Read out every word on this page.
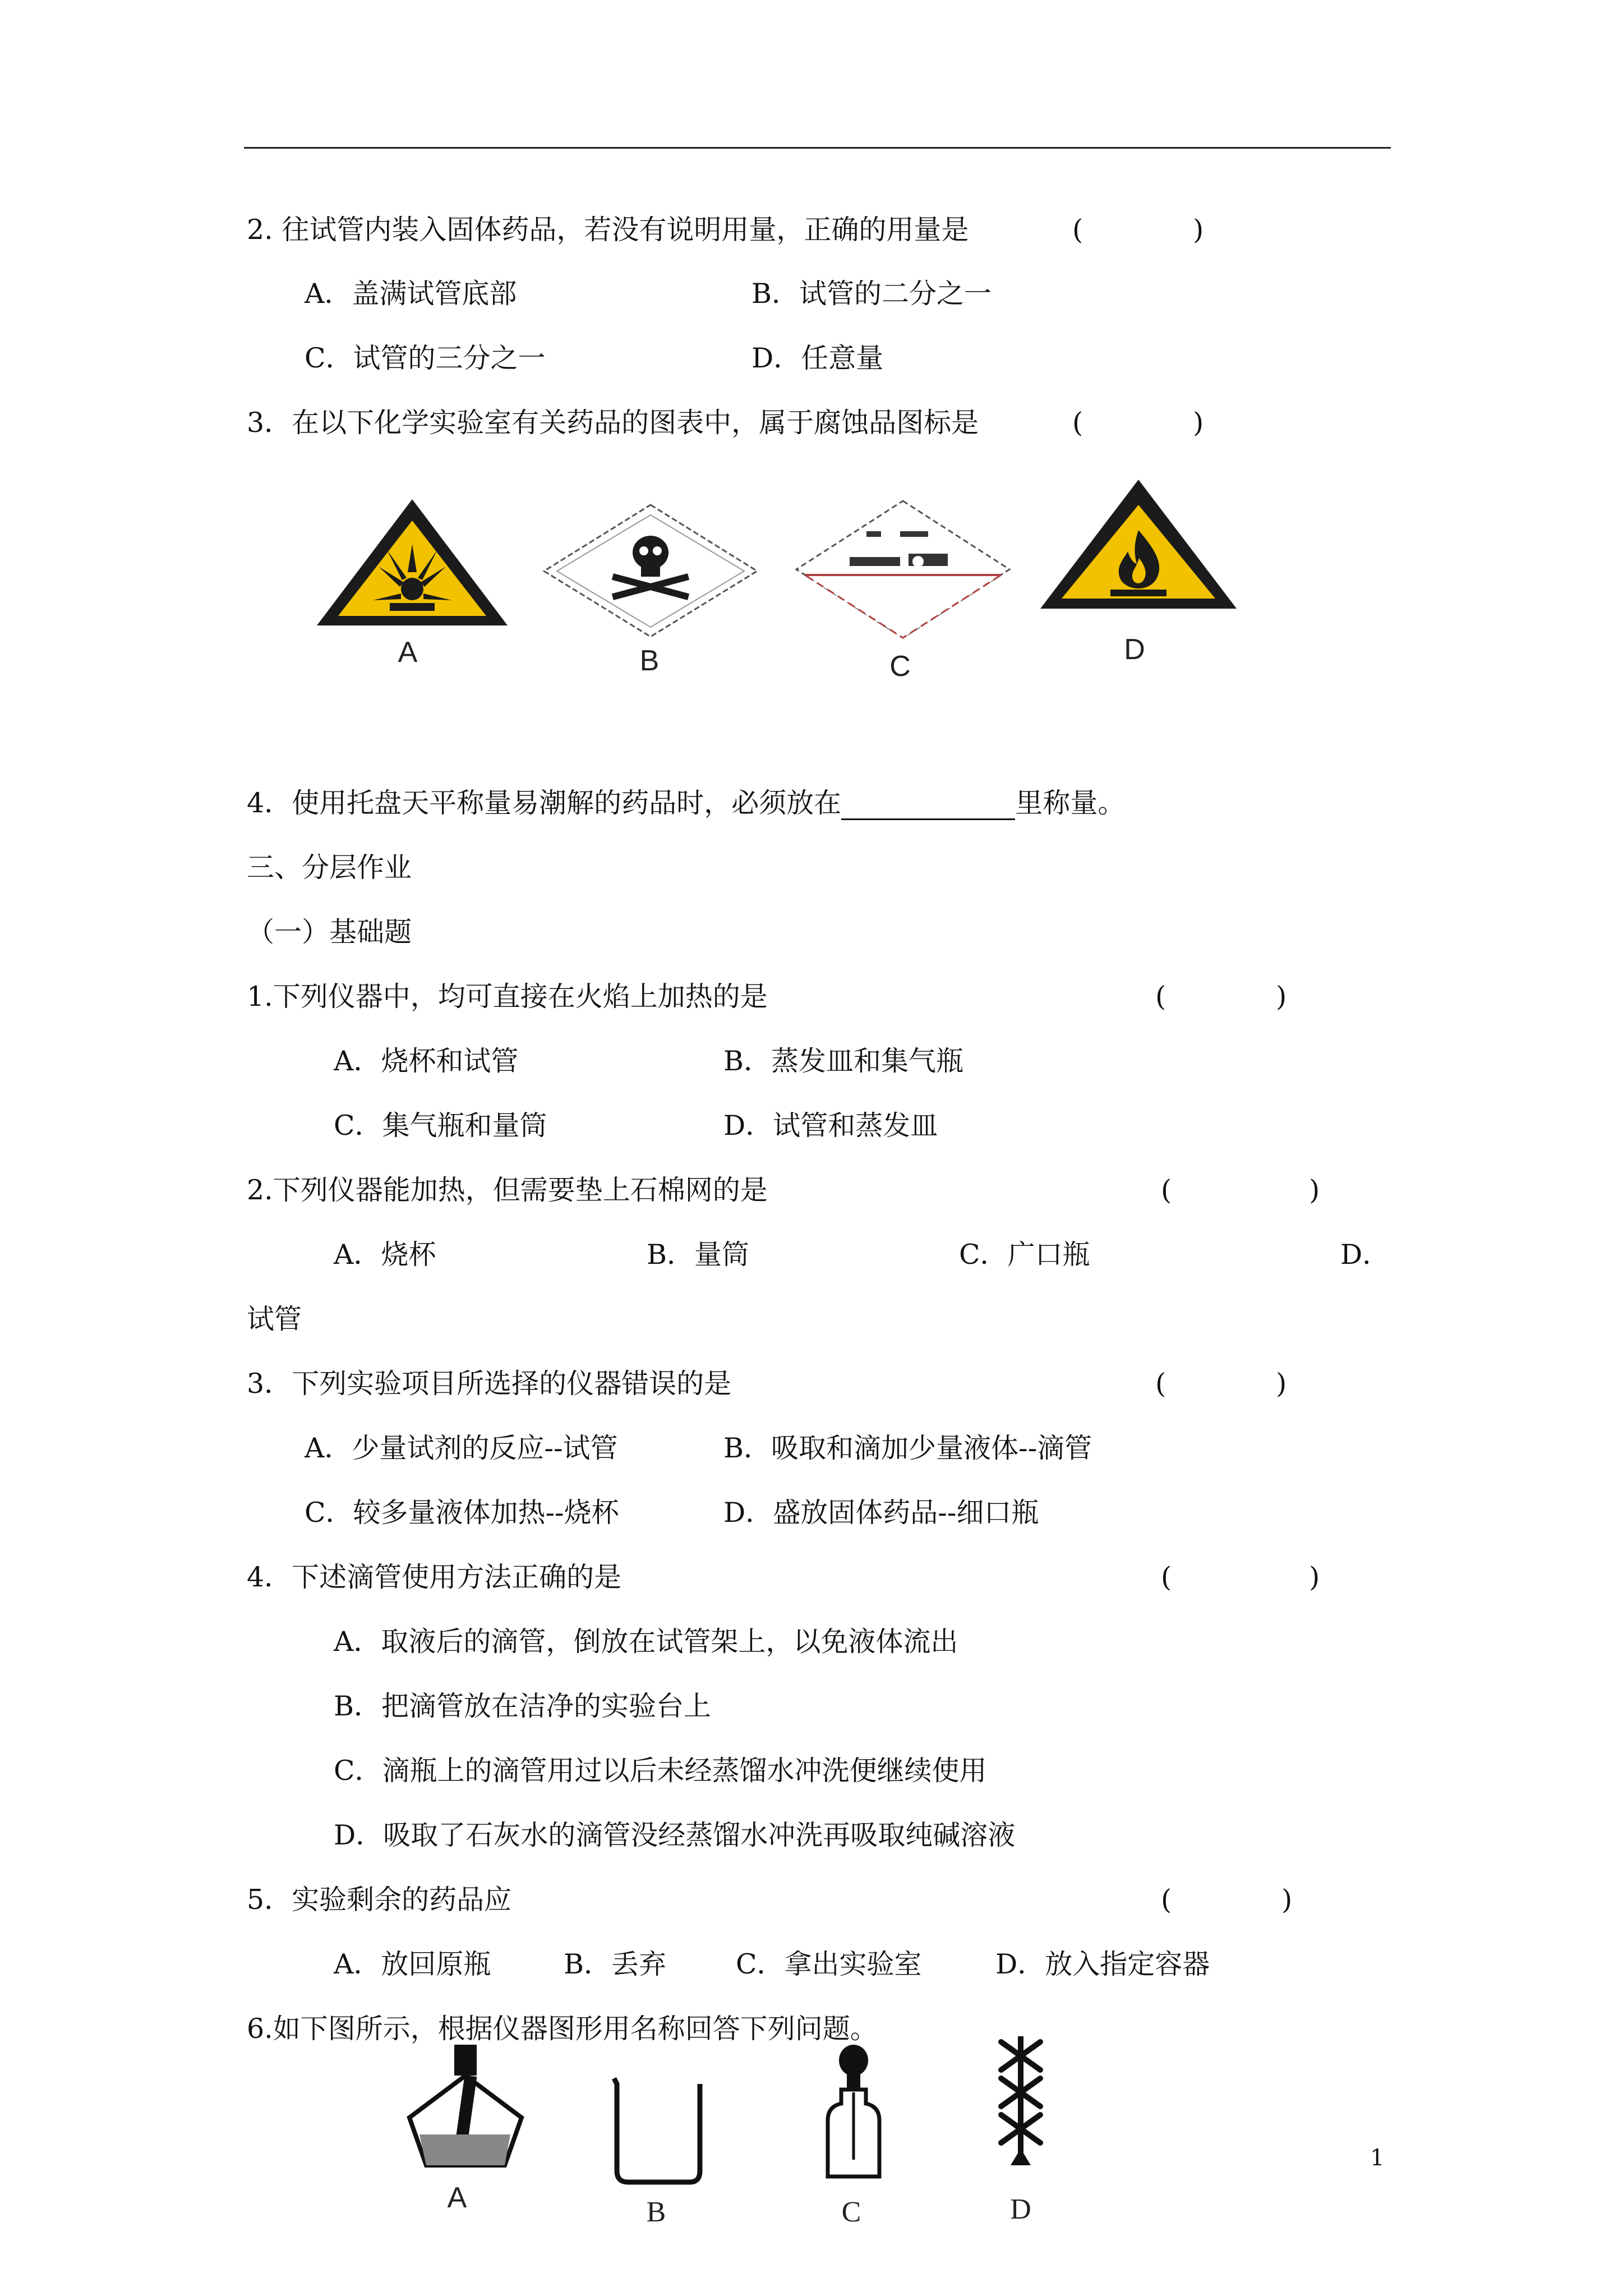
2. 往试管内装入固体药品，若没有说明用量，正确的用量是	(　　　　)
A．盖满试管底部	B．试管的二分之一
C．试管的三分之一	D．任意量
3．在以下化学实验室有关药品的图表中，属于腐蚀品图标是	(　　　　)
A	B	C
D
4．使用托盘天平称量易潮解的药品时，必须放在	里称量。
三、分层作业
（一）基础题
1.下列仪器中，均可直接在火焰上加热的是	(　　　　)
A．烧杯和试管	B．蒸发皿和集气瓶
C．集气瓶和量筒	D．试管和蒸发皿
2.下列仪器能加热，但需要垫上石棉网的是	(　　　　　)
A．烧杯	B．量筒	C．广口瓶	D．
试管
3．下列实验项目所选择的仪器错误的是	(　　　　)
A．少量试剂的反应--试管	B．吸取和滴加少量液体--滴管
C．较多量液体加热--烧杯	D．盛放固体药品--细口瓶
4．下述滴管使用方法正确的是	(　　　　　)
A．取液后的滴管，倒放在试管架上，以免液体流出
B．把滴管放在洁净的实验台上
C．滴瓶上的滴管用过以后未经蒸馏水冲洗便继续使用
D．吸取了石灰水的滴管没经蒸馏水冲洗再吸取纯碱溶液
5．实验剩余的药品应	(　　　　)
A．放回原瓶	B．丢弃	C．拿出实验室	D．放入指定容器
6.如下图所示，根据仪器图形用名称回答下列问题。
A	B	C	D
1
